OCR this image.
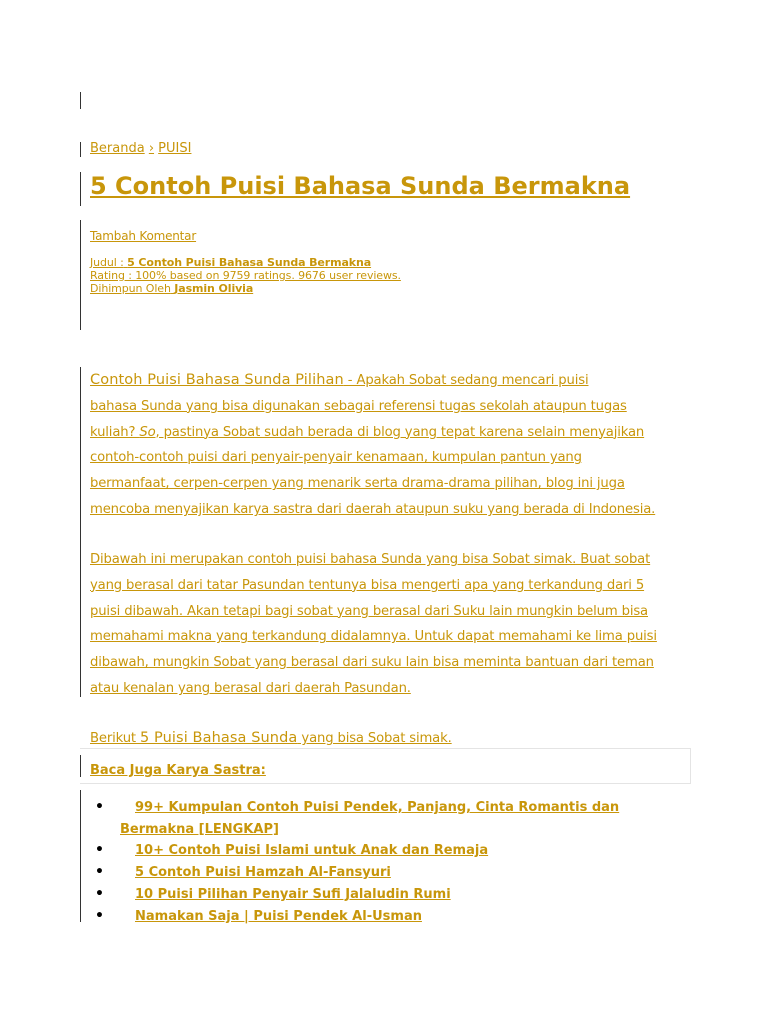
Beranda › PUISI
5 Contoh Puisi Bahasa Sunda Bermakna
Tambah Komentar
Judul : 5 Contoh Puisi Bahasa Sunda Bermakna
Rating : 100% based on 9759 ratings. 9676 user reviews.
Dihimpun Oleh Jasmin Olivia
Contoh Puisi Bahasa Sunda Pilihan - Apakah Sobat sedang mencari puisi
bahasa Sunda yang bisa digunakan sebagai referensi tugas sekolah ataupun tugas
kuliah? So, pastinya Sobat sudah berada di blog yang tepat karena selain menyajikan
contoh-contoh puisi dari penyair-penyair kenamaan, kumpulan pantun yang
bermanfaat, cerpen-cerpen yang menarik serta drama-drama pilihan, blog ini juga
mencoba menyajikan karya sastra dari daerah ataupun suku yang berada di Indonesia.
Dibawah ini merupakan contoh puisi bahasa Sunda yang bisa Sobat simak. Buat sobat
yang berasal dari tatar Pasundan tentunya bisa mengerti apa yang terkandung dari 5
puisi dibawah. Akan tetapi bagi sobat yang berasal dari Suku lain mungkin belum bisa
memahami makna yang terkandung didalamnya. Untuk dapat memahami ke lima puisi
dibawah, mungkin Sobat yang berasal dari suku lain bisa meminta bantuan dari teman
atau kenalan yang berasal dari daerah Pasundan.
Berikut 5 Puisi Bahasa Sunda yang bisa Sobat simak.
Baca Juga Karya Sastra:
• 99+ Kumpulan Contoh Puisi Pendek, Panjang, Cinta Romantis dan
Bermakna [LENGKAP]
• 10+ Contoh Puisi Islami untuk Anak dan Remaja
• 5 Contoh Puisi Hamzah Al-Fansyuri
• 10 Puisi Pilihan Penyair Sufi Jalaludin Rumi
• Namakan Saja | Puisi Pendek Al-Usman
